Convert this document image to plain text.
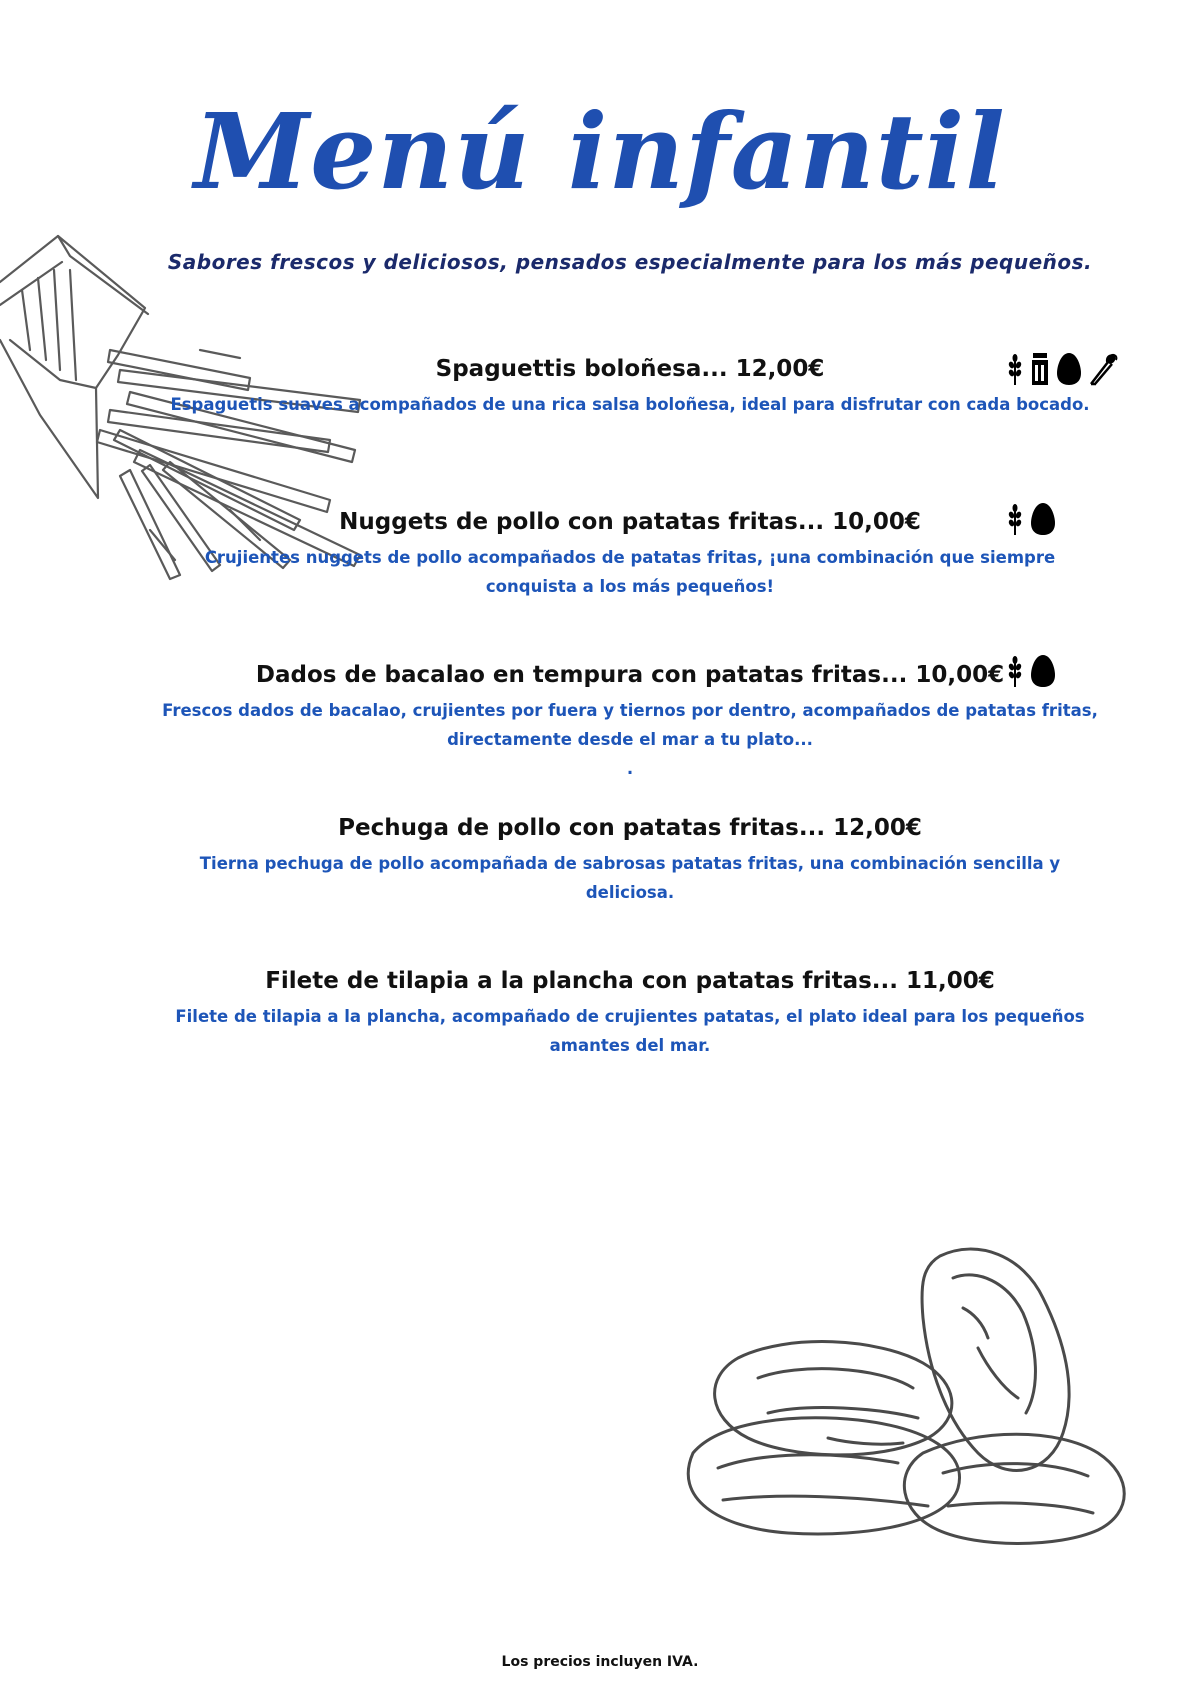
Menú infantil
Sabores frescos y deliciosos, pensados especialmente para los más pequeños.
Spaguettis boloñesa... 12,00€
Espaguetis suaves acompañados de una rica salsa boloñesa, ideal para disfrutar con cada bocado.
Nuggets de pollo con patatas fritas... 10,00€
Crujientes nuggets de pollo acompañados de patatas fritas, ¡una combinación que siempre conquista a los más pequeños!
Dados de bacalao en tempura con patatas fritas... 10,00€
Frescos dados de bacalao, crujientes por fuera y tiernos por dentro, acompañados de patatas fritas, directamente desde el mar a tu plato...
.
Pechuga de pollo con patatas fritas... 12,00€
Tierna pechuga de pollo acompañada de sabrosas patatas fritas, una combinación sencilla y deliciosa.
Filete de tilapia a la plancha con patatas fritas... 11,00€
Filete de tilapia a la plancha, acompañado de crujientes patatas, el plato ideal para los pequeños amantes del mar.
Los precios incluyen IVA.
